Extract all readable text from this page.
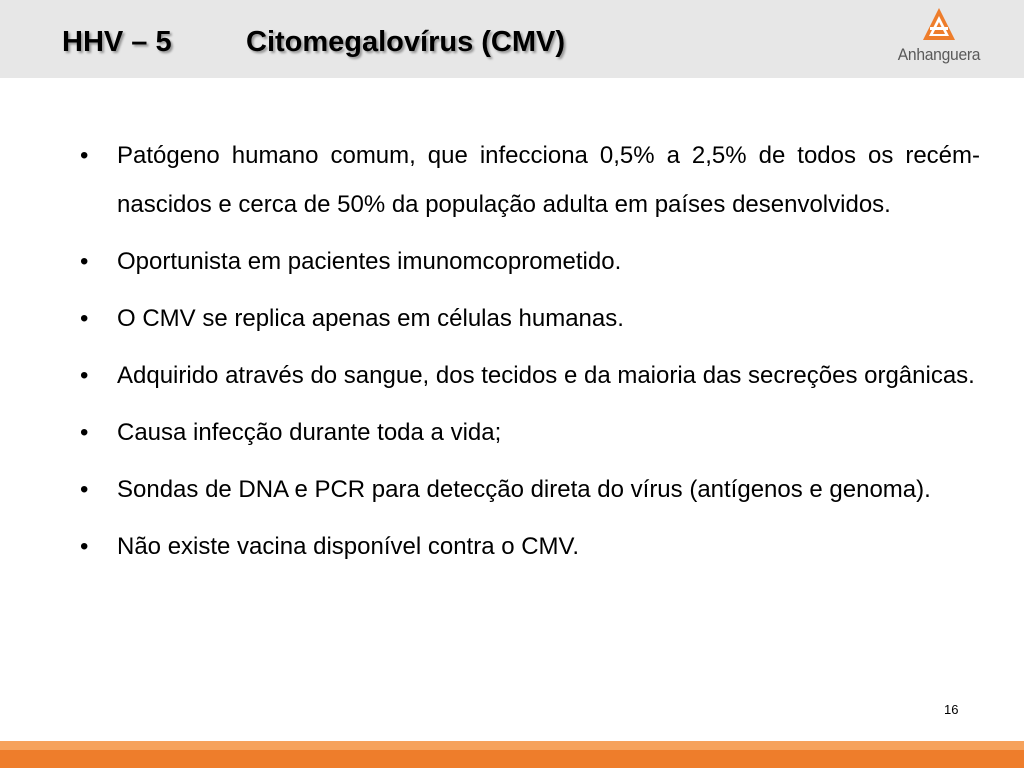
HHV – 5	Citomegalovírus (CMV)	Anhanguera
• Patógeno humano comum, que infecciona 0,5% a 2,5% de todos os recém-nascidos e cerca de 50% da população adulta em países desenvolvidos.
• Oportunista em pacientes imunomcoprometido.
• O CMV se replica apenas em células humanas.
• Adquirido através do sangue, dos tecidos e da maioria das secreções orgânicas.
• Causa infecção durante toda a vida;
• Sondas de DNA e PCR para detecção direta do vírus (antígenos e genoma).
• Não existe vacina disponível contra o CMV.
16
